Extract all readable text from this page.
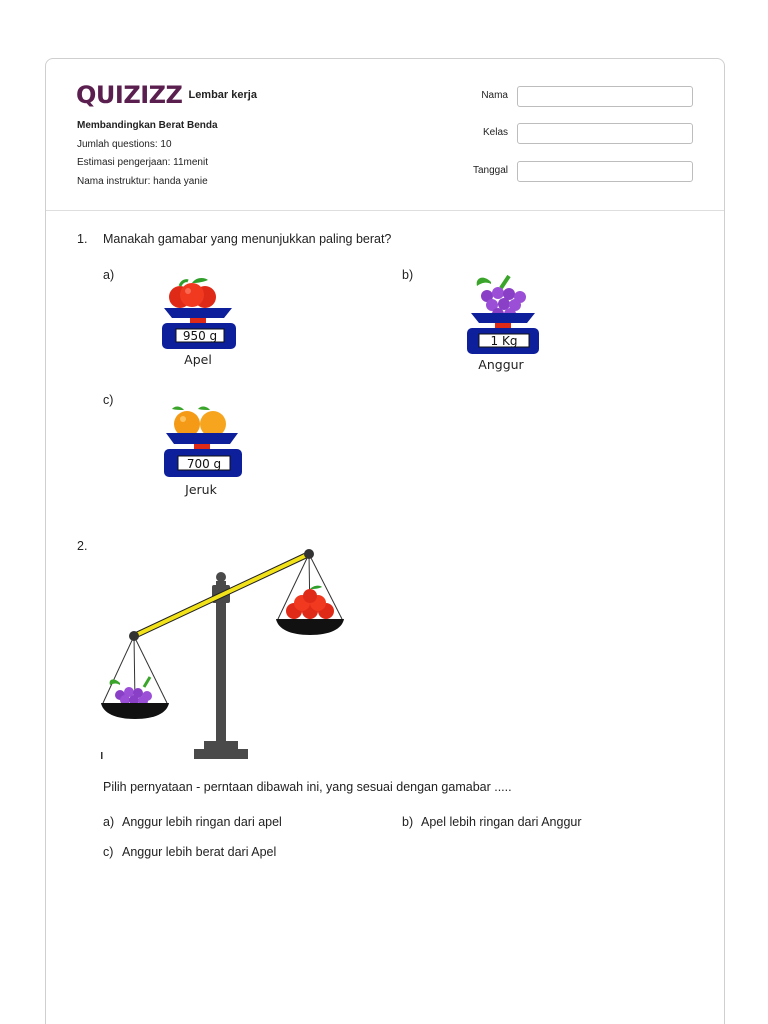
QUIZIZZ Lembar kerja
Membandingkan Berat Benda
Jumlah questions: 10
Estimasi pengerjaan: 11menit
Nama instruktur: handa yanie
Nama
Kelas
Tanggal
1. Manakah gamabar yang menunjukkan paling berat?
a)
950 g
Apel
b)
1 Kg
Anggur
c)
700 g
Jeruk
2.
Pilih pernyataan - perntaan dibawah ini, yang sesuai dengan gamabar .....
a) Anggur lebih ringan dari apel	b) Apel lebih ringan dari Anggur
c) Anggur lebih berat dari Apel
